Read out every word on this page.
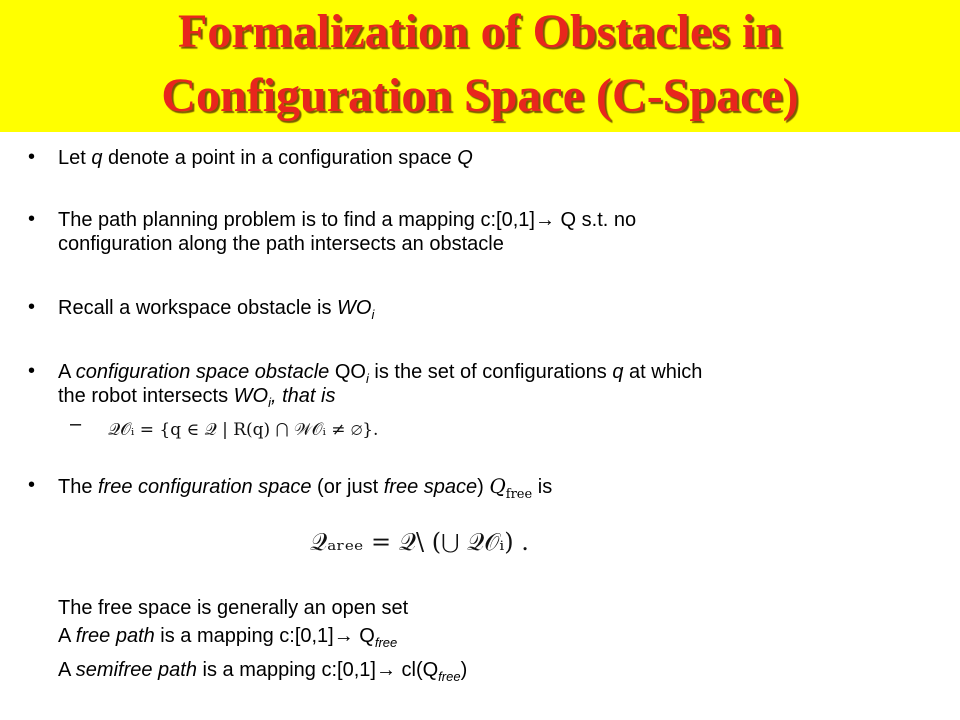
Formalization of Obstacles in
Configuration Space (C-Space)
• Let q denote a point in a configuration space Q
• The path planning problem is to find a mapping c:[0,1]→ Q s.t. no
configuration along the path intersects an obstacle
• Recall a workspace obstacle is $WO_i$
• A configuration space obstacle $QO_i$ is the set of configurations q at which
the robot intersects $WO_i$, that is
– 𝒬𝒪ᵢ = {q ∈ 𝒬 | R(q) ⋂ 𝒲𝒪ᵢ ≠ ∅}.
• The free configuration space (or just free space) $Q_{free}$ is
𝒬ₐᵣₑₑ = 𝒬\ (⋃ 𝒬𝒪ᵢ) .
The free space is generally an open set
A free path is a mapping c:[0,1]→ $Q_{free}$
A semifree path is a mapping c:[0,1]→ $cl(Q_{free})$
